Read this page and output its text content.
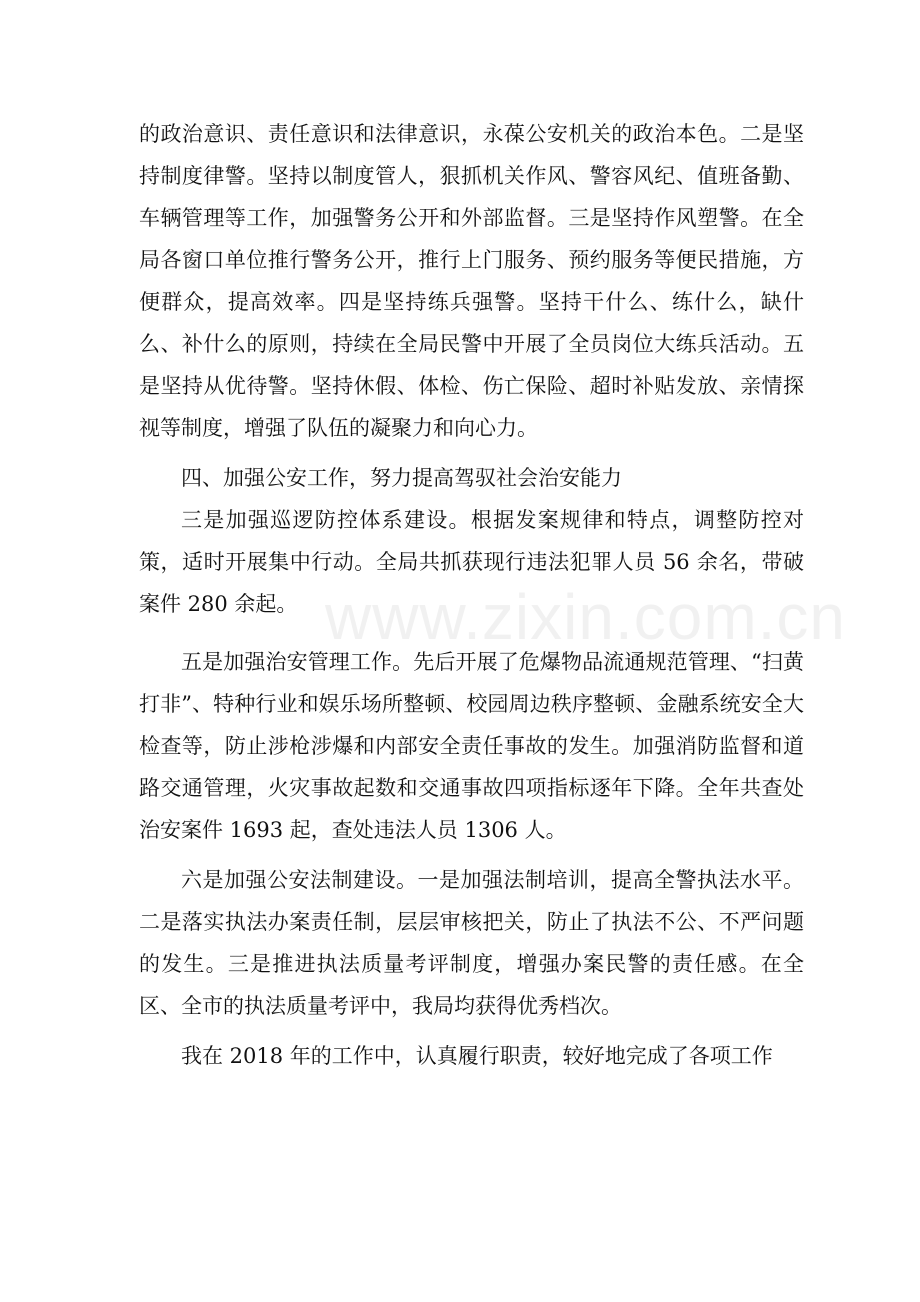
www.zixin.com.cn

的政治意识、责任意识和法律意识，永葆公安机关的政治本色。二是坚持制度律警。坚持以制度管人，狠抓机关作风、警容风纪、值班备勤、车辆管理等工作，加强警务公开和外部监督。三是坚持作风塑警。在全局各窗口单位推行警务公开，推行上门服务、预约服务等便民措施，方便群众，提高效率。四是坚持练兵强警。坚持干什么、练什么，缺什么、补什么的原则，持续在全局民警中开展了全员岗位大练兵活动。五是坚持从优待警。坚持休假、体检、伤亡保险、超时补贴发放、亲情探视等制度，增强了队伍的凝聚力和向心力。

四、加强公安工作，努力提高驾驭社会治安能力

三是加强巡逻防控体系建设。根据发案规律和特点，调整防控对策，适时开展集中行动。全局共抓获现行违法犯罪人员 56 余名，带破案件 280 余起。

五是加强治安管理工作。先后开展了危爆物品流通规范管理、“扫黄打非”、特种行业和娱乐场所整顿、校园周边秩序整顿、金融系统安全大检查等，防止涉枪涉爆和内部安全责任事故的发生。加强消防监督和道路交通管理，火灾事故起数和交通事故四项指标逐年下降。全年共查处治安案件 1693 起，查处违法人员 1306 人。

六是加强公安法制建设。一是加强法制培训，提高全警执法水平。二是落实执法办案责任制，层层审核把关，防止了执法不公、不严问题的发生。三是推进执法质量考评制度，增强办案民警的责任感。在全区、全市的执法质量考评中，我局均获得优秀档次。

我在 2018 年的工作中，认真履行职责，较好地完成了各项工作
